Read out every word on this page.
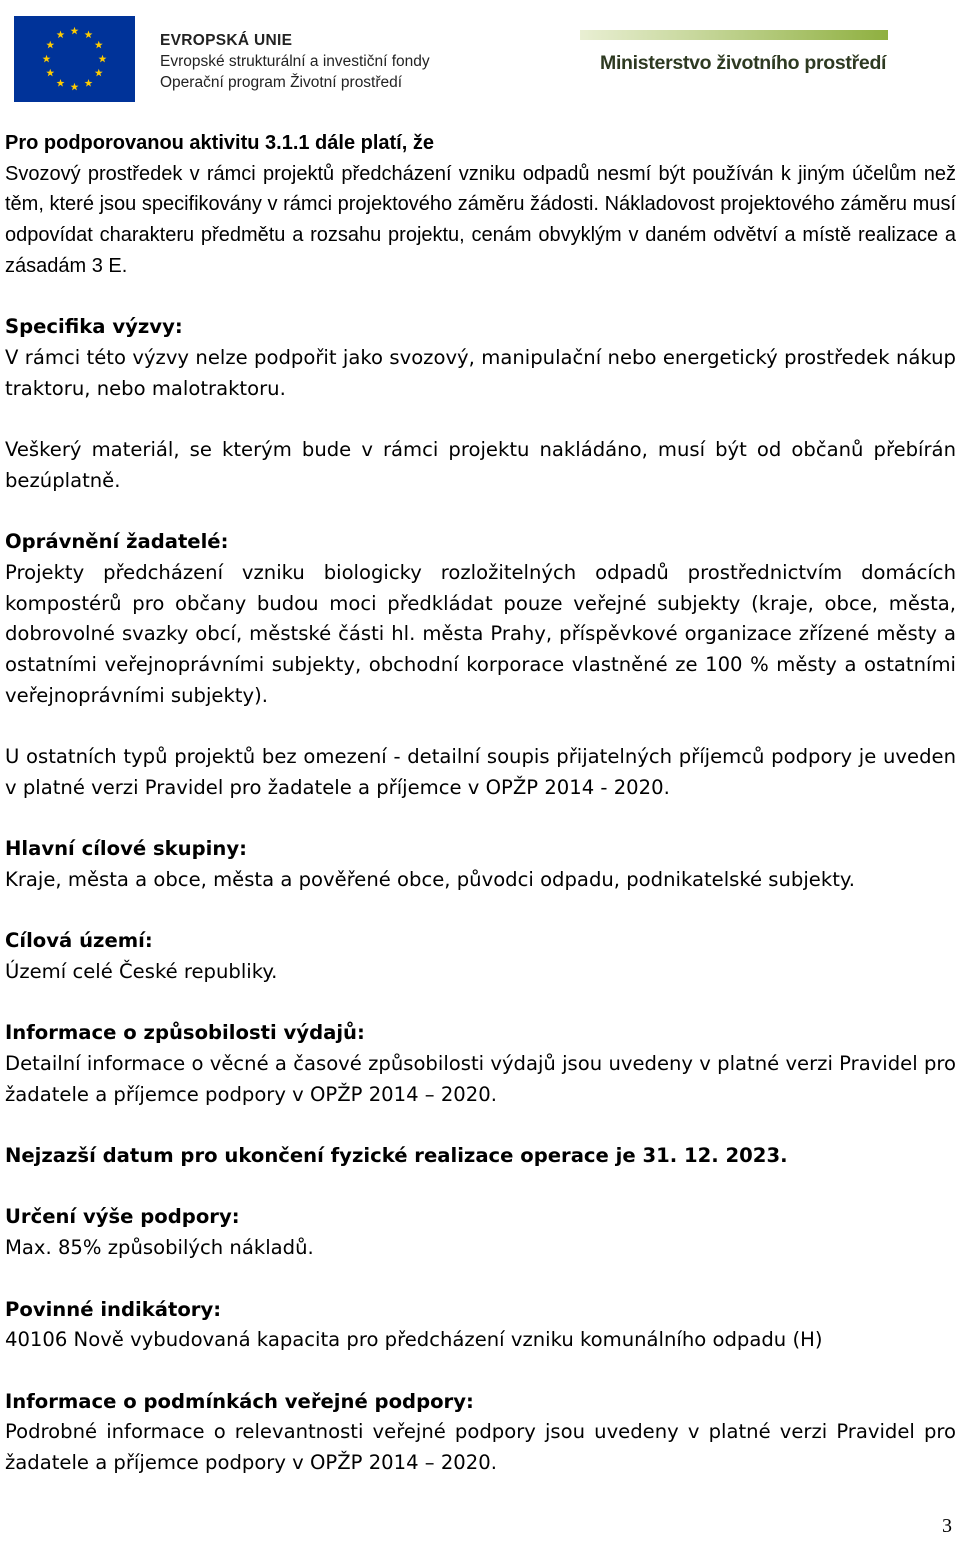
EVROPSKÁ UNIE
Evropské strukturální a investiční fondy
Operační program Životní prostředí
Ministerstvo životního prostředí

Pro podporovanou aktivitu 3.1.1 dále platí, že

Svozový prostředek v rámci projektů předcházení vzniku odpadů nesmí být používán k jiným účelům než těm, které jsou specifikovány v rámci projektového záměru žádosti. Nákladovost projektového záměru musí odpovídat charakteru předmětu a rozsahu projektu, cenám obvyklým v daném odvětví a místě realizace a zásadám 3 E.

Specifika výzvy:

V rámci této výzvy nelze podpořit jako svozový, manipulační nebo energetický prostředek nákup traktoru, nebo malotraktoru.

Veškerý materiál, se kterým bude v rámci projektu nakládáno, musí být od občanů přebírán bezúplatně.

Oprávnění žadatelé:

Projekty předcházení vzniku biologicky rozložitelných odpadů prostřednictvím domácích kompostérů pro občany budou moci předkládat pouze veřejné subjekty (kraje, obce, města, dobrovolné svazky obcí, městské části hl. města Prahy, příspěvkové organizace zřízené městy a ostatními veřejnoprávními subjekty, obchodní korporace vlastněné ze 100 % městy a ostatními veřejnoprávními subjekty).

U ostatních typů projektů bez omezení - detailní soupis přijatelných příjemců podpory je uveden v platné verzi Pravidel pro žadatele a příjemce v OPŽP 2014 - 2020.

Hlavní cílové skupiny:

Kraje, města a obce, města a pověřené obce, původci odpadu, podnikatelské subjekty.

Cílová území:

Území celé České republiky.

Informace o způsobilosti výdajů:

Detailní informace o věcné a časové způsobilosti výdajů jsou uvedeny v platné verzi Pravidel pro žadatele a příjemce podpory v OPŽP 2014 – 2020.

Nejzazší datum pro ukončení fyzické realizace operace je 31. 12. 2023.

Určení výše podpory:

Max. 85% způsobilých nákladů.

Povinné indikátory:

40106 Nově vybudovaná kapacita pro předcházení vzniku komunálního odpadu (H)

Informace o podmínkách veřejné podpory:

Podrobné informace o relevantnosti veřejné podpory jsou uvedeny v platné verzi Pravidel pro žadatele a příjemce podpory v OPŽP 2014 – 2020.

3
